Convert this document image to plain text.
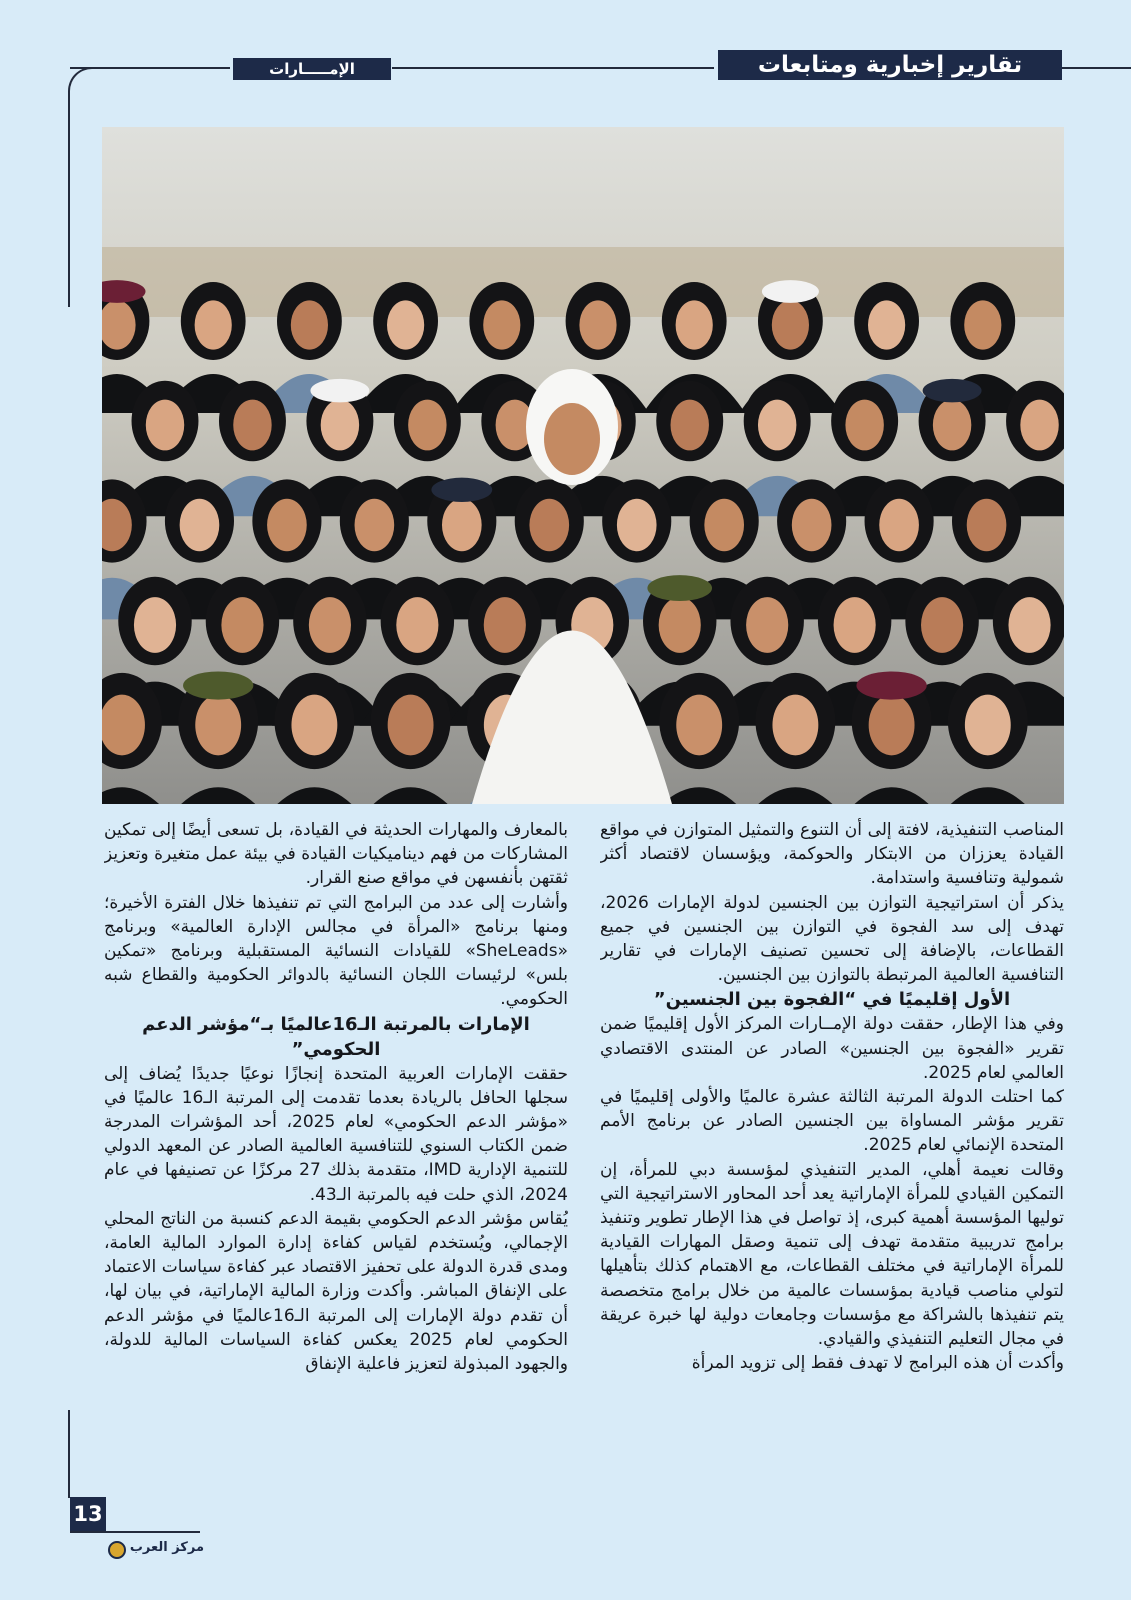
الإمـــــارات	تقارير إخبارية ومتابعات

المناصب التنفيذية، لافتة إلى أن التنوع والتمثيل المتوازن في مواقع القيادة يعززان من الابتكار والحوكمة، ويؤسسان لاقتصاد أكثر شمولية وتنافسية واستدامة.

يذكر أن استراتيجية التوازن بين الجنسين لدولة الإمارات 2026، تهدف إلى سد الفجوة في التوازن بين الجنسين في جميع القطاعات، بالإضافة إلى تحسين تصنيف الإمارات في تقارير التنافسية العالمية المرتبطة بالتوازن بين الجنسين.

الأول إقليميًا في “الفجوة بين الجنسين”

وفي هذا الإطار، حققت دولة الإمــارات المركز الأول إقليميًا ضمن تقرير «الفجوة بين الجنسين» الصادر عن المنتدى الاقتصادي العالمي لعام 2025.

كما احتلت الدولة المرتبة الثالثة عشرة عالميًا والأولى إقليميًا في تقرير مؤشر المساواة بين الجنسين الصادر عن برنامج الأمم المتحدة الإنمائي لعام 2025.

وقالت نعيمة أهلي، المدير التنفيذي لمؤسسة دبي للمرأة، إن التمكين القيادي للمرأة الإماراتية يعد أحد المحاور الاستراتيجية التي توليها المؤسسة أهمية كبرى، إذ تواصل في هذا الإطار تطوير وتنفيذ برامج تدريبية متقدمة تهدف إلى تنمية وصقل المهارات القيادية للمرأة الإماراتية في مختلف القطاعات، مع الاهتمام كذلك بتأهيلها لتولي مناصب قيادية بمؤسسات عالمية من خلال برامج متخصصة يتم تنفيذها بالشراكة مع مؤسسات وجامعات دولية لها خبرة عريقة في مجال التعليم التنفيذي والقيادي.

وأكدت أن هذه البرامج لا تهدف فقط إلى تزويد المرأة

بالمعارف والمهارات الحديثة في القيادة، بل تسعى أيضًا إلى تمكين المشاركات من فهم ديناميكيات القيادة في بيئة عمل متغيرة وتعزيز ثقتهن بأنفسهن في مواقع صنع القرار.

وأشارت إلى عدد من البرامج التي تم تنفيذها خلال الفترة الأخيرة؛ ومنها برنامج «المرأة في مجالس الإدارة العالمية» وبرنامج «SheLeads» للقيادات النسائية المستقبلية وبرنامج «تمكين بلس» لرئيسات اللجان النسائية بالدوائر الحكومية والقطاع شبه الحكومي.

الإمارات بالمرتبة الـ16عالميًا بـ“مؤشر الدعم الحكومي”

حققت الإمارات العربية المتحدة إنجازًا نوعيًا جديدًا يُضاف إلى سجلها الحافل بالريادة بعدما تقدمت إلى المرتبة الـ16 عالميًا في «مؤشر الدعم الحكومي» لعام 2025، أحد المؤشرات المدرجة ضمن الكتاب السنوي للتنافسية العالمية الصادر عن المعهد الدولي للتنمية الإدارية IMD، متقدمة بذلك 27 مركزًا عن تصنيفها في عام 2024، الذي حلت فيه بالمرتبة الـ43.

يُقاس مؤشر الدعم الحكومي بقيمة الدعم كنسبة من الناتج المحلي الإجمالي، ويُستخدم لقياس كفاءة إدارة الموارد المالية العامة، ومدى قدرة الدولة على تحفيز الاقتصاد عبر كفاءة سياسات الاعتماد على الإنفاق المباشر. وأكدت وزارة المالية الإماراتية، في بيان لها، أن تقدم دولة الإمارات إلى المرتبة الـ16عالميًا في مؤشر الدعم الحكومي لعام 2025 يعكس كفاءة السياسات المالية للدولة، والجهود المبذولة لتعزيز فاعلية الإنفاق

13
مركز العرب
